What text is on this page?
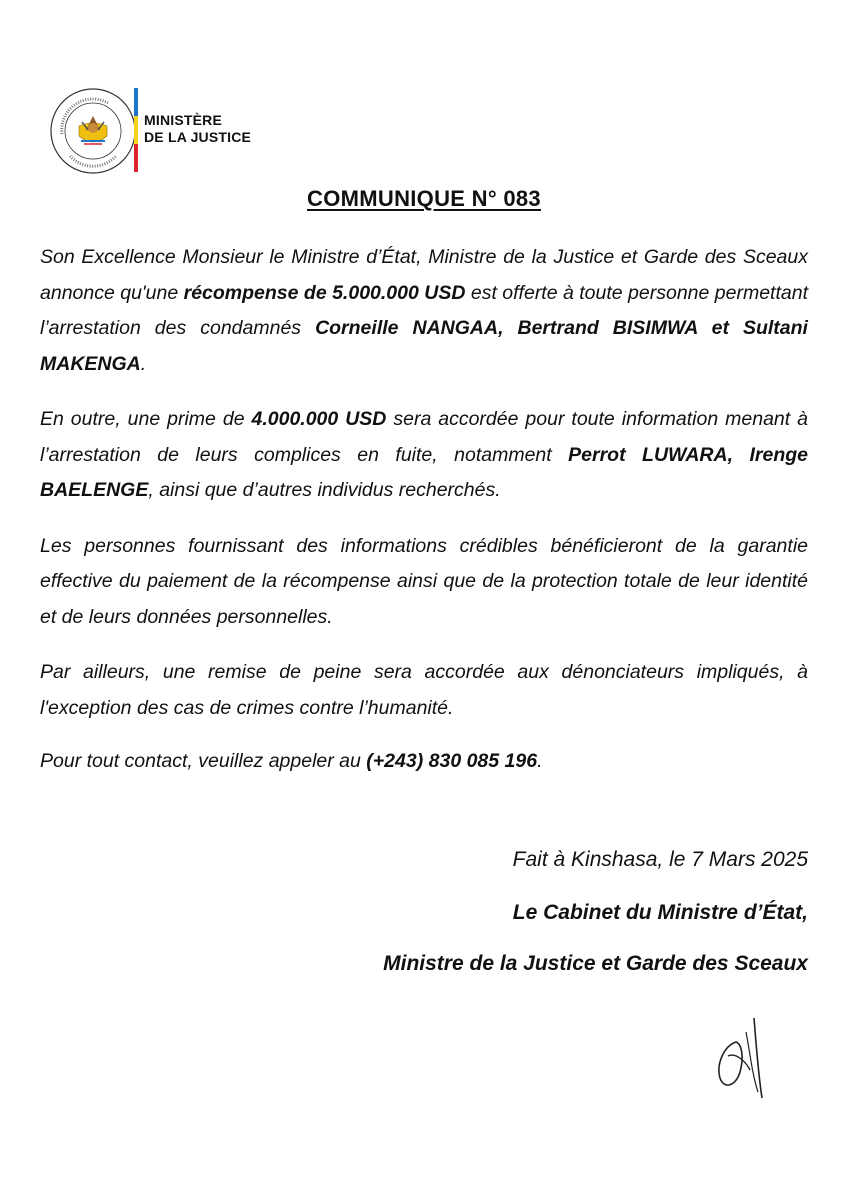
MINISTÈRE
DE LA JUSTICE
COMMUNIQUE N° 083

Son Excellence Monsieur le Ministre d’État, Ministre de la Justice et Garde des Sceaux annonce qu'une récompense de 5.000.000 USD est offerte à toute personne permettant l’arrestation des condamnés Corneille NANGAA, Bertrand BISIMWA et Sultani MAKENGA.

En outre, une prime de 4.000.000 USD sera accordée pour toute information menant à l’arrestation de leurs complices en fuite, notamment Perrot LUWARA, Irenge BAELENGE, ainsi que d’autres individus recherchés.

Les personnes fournissant des informations crédibles bénéficieront de la garantie effective du paiement de la récompense ainsi que de la protection totale de leur identité et de leurs données personnelles.

Par ailleurs, une remise de peine sera accordée aux dénonciateurs impliqués, à l'exception des cas de crimes contre l’humanité.

Pour tout contact, veuillez appeler au (+243) 830 085 196.

Fait à Kinshasa, le 7 Mars 2025
Le Cabinet du Ministre d’État,
Ministre de la Justice et Garde des Sceaux
